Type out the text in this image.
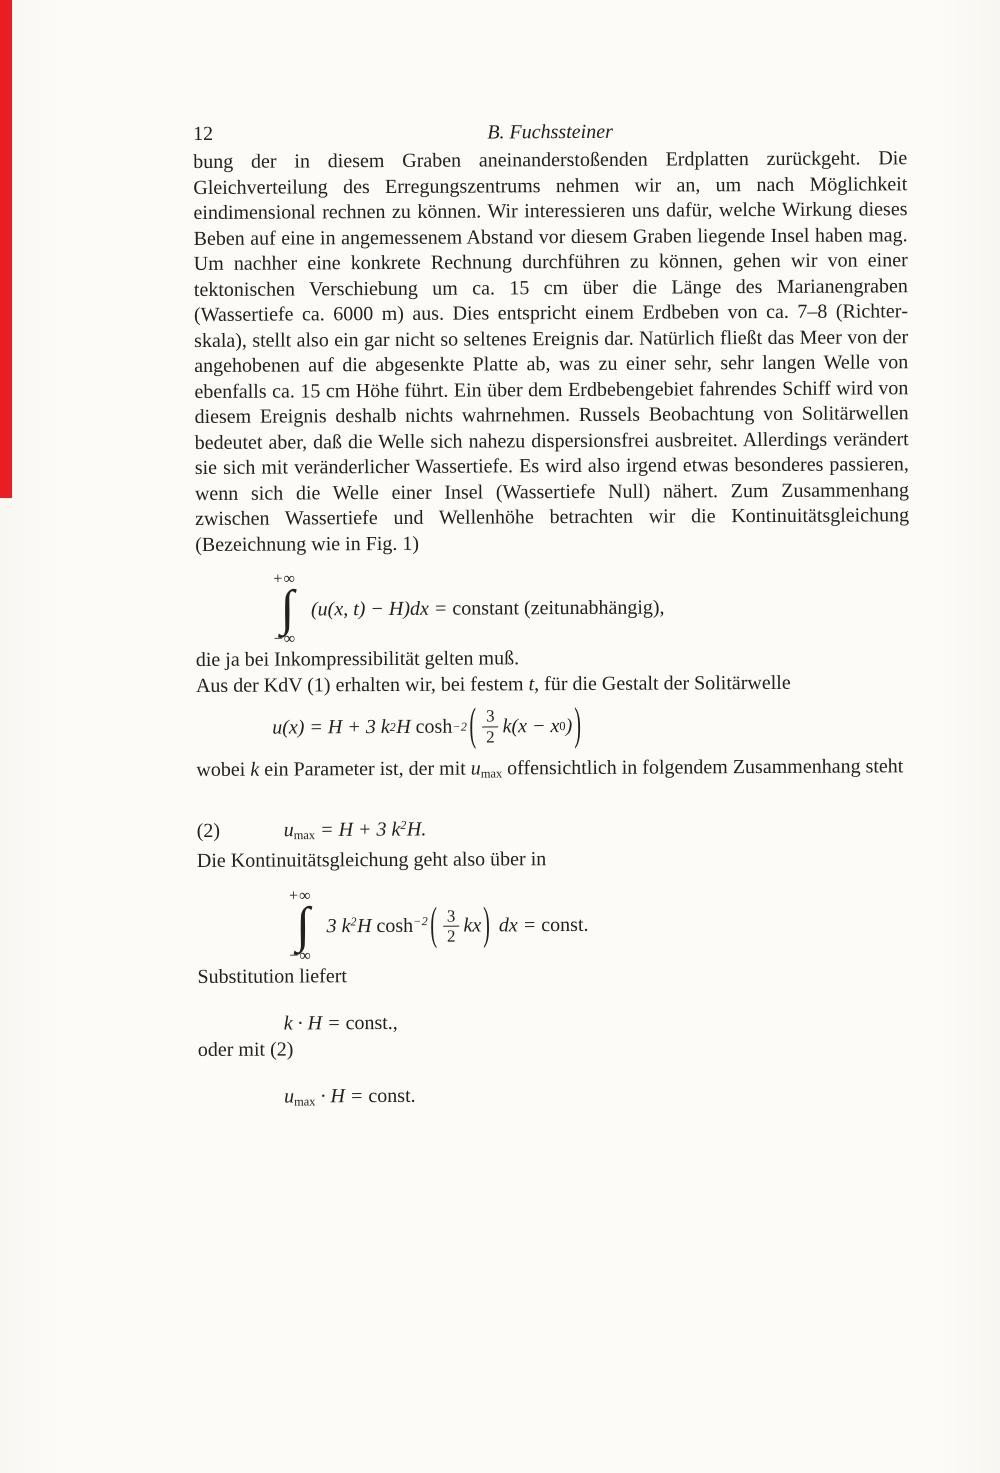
12	B. Fuchssteiner

bung der in diesem Graben aneinanderstoßenden Erdplatten zurückgeht. Die Gleichverteilung des Erregungszentrums nehmen wir an, um nach Möglichkeit eindimensional rechnen zu können. Wir interessieren uns dafür, welche Wirkung dieses Beben auf eine in angemessenem Abstand vor diesem Graben liegende Insel haben mag. Um nachher eine konkrete Rechnung durchführen zu können, gehen wir von einer tektonischen Verschiebung um ca. 15 cm über die Länge des Marianengraben (Wassertiefe ca. 6000 m) aus. Dies entspricht einem Erdbeben von ca. 7–8 (Richterskala), stellt also ein gar nicht so seltenes Ereignis dar. Natürlich fließt das Meer von der angehobenen auf die abgesenkte Platte ab, was zu einer sehr, sehr langen Welle von ebenfalls ca. 15 cm Höhe führt. Ein über dem Erdbebengebiet fahrendes Schiff wird von diesem Ereignis deshalb nichts wahrnehmen. Russels Beobachtung von Solitärwellen bedeutet aber, daß die Welle sich nahezu dispersionsfrei ausbreitet. Allerdings verändert sie sich mit veränderlicher Wassertiefe. Es wird also irgend etwas besonderes passieren, wenn sich die Welle einer Insel (Wassertiefe Null) nähert. Zum Zusammenhang zwischen Wassertiefe und Wellenhöhe betrachten wir die Kontinuitätsgleichung (Bezeichnung wie in Fig. 1)

+∞
∫
−∞
(u(x, t) − H)dx = constant (zeitunabhängig),

die ja bei Inkompressibilität gelten muß.

Aus der KdV (1) erhalten wir, bei festem t, für die Gestalt der Solitärwelle

u(x) = H + 3 k 2 H cosh −2 ( $\frac{3}{2} k(x - x$ 0 ) )

wobei k ein Parameter ist, der mit $u_{max}$ offensichtlich in folgendem Zusammenhang steht

(2)	$u_{max} = H + 3$ $k^2H$.

Die Kontinuitätsgleichung geht also über in

+∞
∫
−∞
3 $k^2H$ $\cosh^{-2}( \frac{3}{2} kx)$ dx = const.

Substitution liefert

k · H = const.,

oder mit (2)

$u_{max} \cdot H$ = const.
